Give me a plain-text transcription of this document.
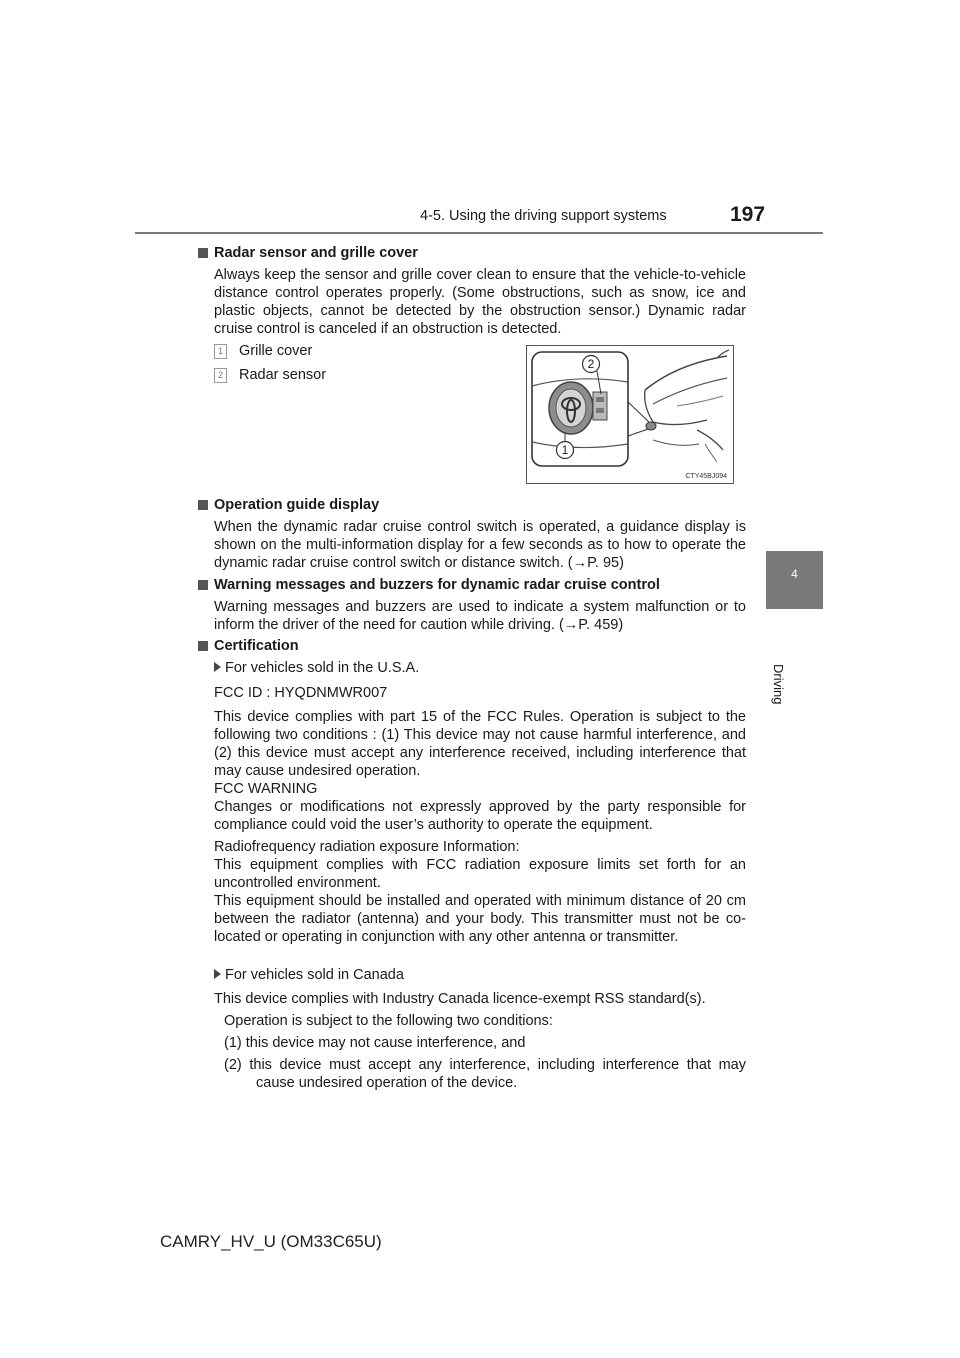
4-5. Using the driving support systems	197
4
Driving
Radar sensor and grille cover
Always keep the sensor and grille cover clean to ensure that the vehicle-to-vehicle distance control operates properly. (Some obstructions, such as snow, ice and plastic objects, cannot be detected by the obstruction sensor.) Dynamic radar cruise control is canceled if an obstruction is detected.
1 Grille cover
2 Radar sensor
Operation guide display
When the dynamic radar cruise control switch is operated, a guidance display is shown on the multi-information display for a few seconds as to how to operate the dynamic radar cruise control switch or distance switch. (→P. 95)
Warning messages and buzzers for dynamic radar cruise control
Warning messages and buzzers are used to indicate a system malfunction or to inform the driver of the need for caution while driving. (→P. 459)
Certification
For vehicles sold in the U.S.A.
FCC ID : HYQDNMWR007
This device complies with part 15 of the FCC Rules. Operation is subject to the following two conditions : (1) This device may not cause harmful interference, and (2) this device must accept any interference received, including interference that may cause undesired operation.
FCC WARNING
Changes or modifications not expressly approved by the party responsible for compliance could void the user’s authority to operate the equipment.
Radiofrequency radiation exposure Information:
This equipment complies with FCC radiation exposure limits set forth for an uncontrolled environment.
This equipment should be installed and operated with minimum distance of 20 cm between the radiator (antenna) and your body. This transmitter must not be co-located or operating in conjunction with any other antenna or transmitter.
For vehicles sold in Canada
This device complies with Industry Canada licence-exempt RSS standard(s).
Operation is subject to the following two conditions:
(1) this device may not cause interference, and
(2) this device must accept any interference, including interference that may cause undesired operation of the device.
2
1
CTY45BJ094
CAMRY_HV_U (OM33C65U)
